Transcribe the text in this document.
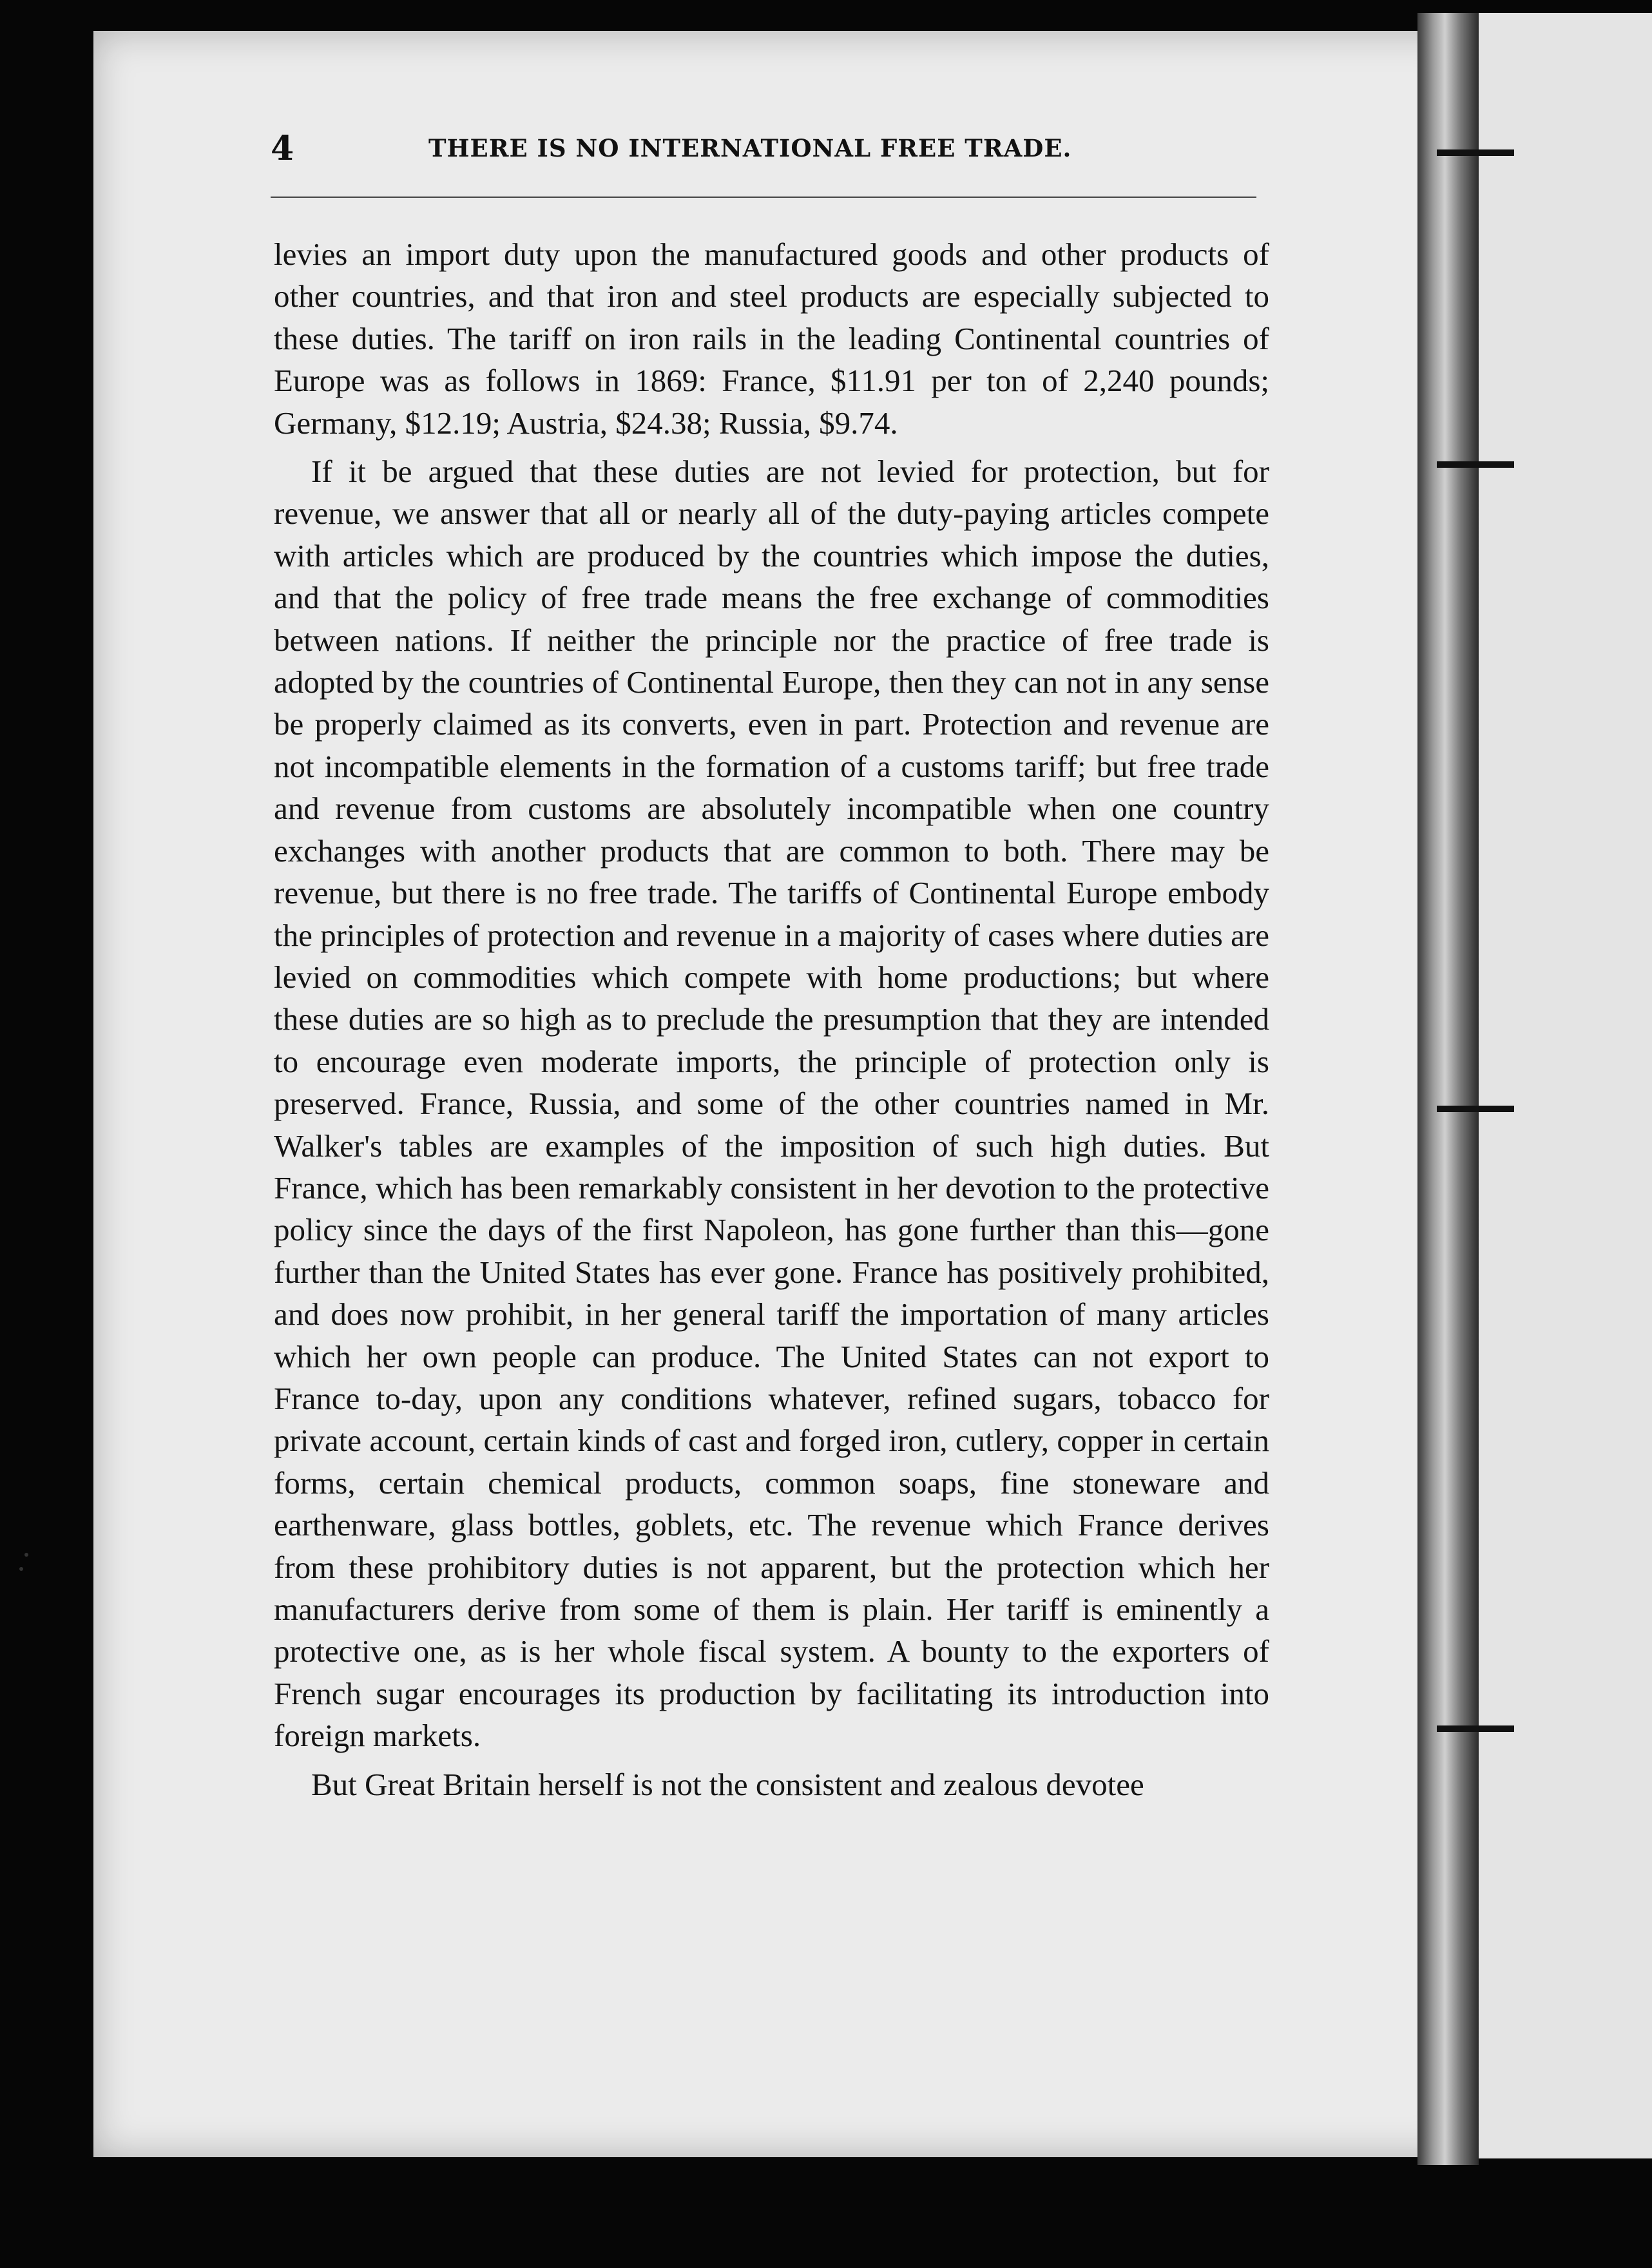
4	THERE IS NO INTERNATIONAL FREE TRADE.

levies an import duty upon the manufactured goods and other products of other countries, and that iron and steel products are especially subjected to these duties. The tariff on iron rails in the leading Continental countries of Europe was as follows in 1869: France, $11.91 per ton of 2,240 pounds; Germany, $12.19; Austria, $24.38; Russia, $9.74.

If it be argued that these duties are not levied for protection, but for revenue, we answer that all or nearly all of the duty-paying articles compete with articles which are produced by the countries which impose the duties, and that the policy of free trade means the free exchange of commodities between nations. If neither the principle nor the practice of free trade is adopted by the countries of Continental Europe, then they can not in any sense be properly claimed as its converts, even in part. Protection and revenue are not incompatible elements in the formation of a customs tariff; but free trade and revenue from customs are absolutely incompatible when one country exchanges with another products that are common to both. There may be revenue, but there is no free trade. The tariffs of Continental Europe embody the principles of protection and revenue in a majority of cases where duties are levied on commodities which compete with home productions; but where these duties are so high as to preclude the presumption that they are intended to encourage even moderate imports, the principle of protection only is preserved. France, Russia, and some of the other countries named in Mr. Walker's tables are examples of the imposition of such high duties. But France, which has been remarkably consistent in her devotion to the protective policy since the days of the first Napoleon, has gone further than this—gone further than the United States has ever gone. France has positively prohibited, and does now prohibit, in her general tariff the importation of many articles which her own people can produce. The United States can not export to France to-day, upon any conditions whatever, refined sugars, tobacco for private account, certain kinds of cast and forged iron, cutlery, copper in certain forms, certain chemical products, common soaps, fine stoneware and earthenware, glass bottles, goblets, etc. The revenue which France derives from these prohibitory duties is not apparent, but the protection which her manufacturers derive from some of them is plain. Her tariff is eminently a protective one, as is her whole fiscal system. A bounty to the exporters of French sugar encourages its production by facilitating its introduction into foreign markets.

But Great Britain herself is not the consistent and zealous devotee
